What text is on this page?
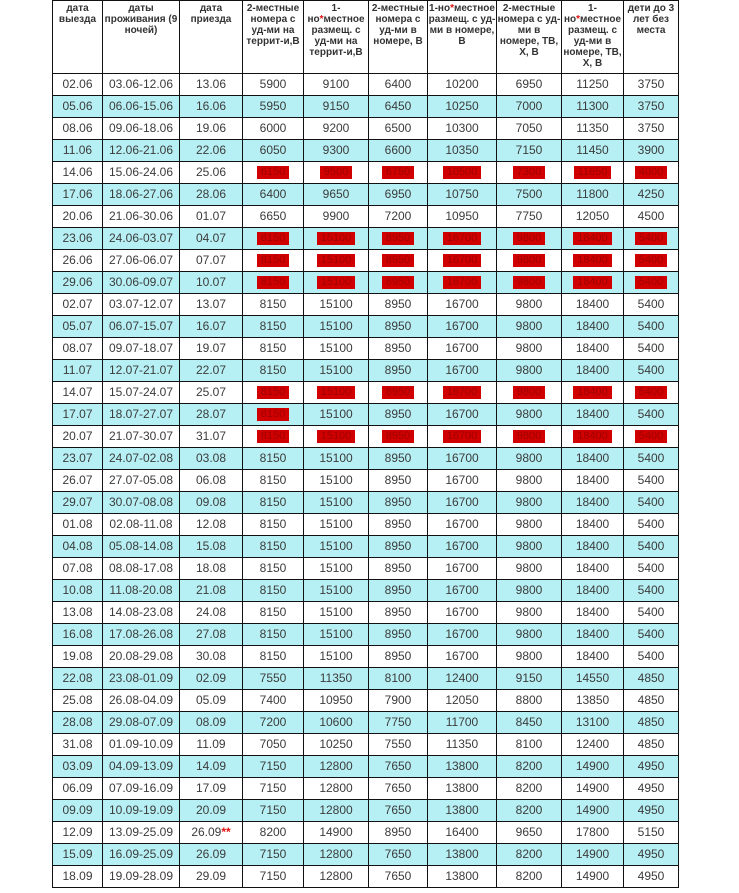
дата выезда	даты проживания (9 ночей)	дата приезда	2-местные номера с уд-ми на террит-и,В	1-но*местное размещ. с уд-ми на террит-и,В	2-местные номера с уд-ми в номере, В	1-но*местное размещ. с уд-ми в номере, В	2-местные номера с уд-ми в номере, ТВ, Х, В	1-но*местное размещ. с уд-ми в номере, ТВ, Х, В	дети до 3 лет без места
02.06	03.06-12.06	13.06	5900	9100	6400	10200	6950	11250	3750
05.06	06.06-15.06	16.06	5950	9150	6450	10250	7000	11300	3750
08.06	09.06-18.06	19.06	6000	9200	6500	10300	7050	11350	3750
11.06	12.06-21.06	22.06	6050	9300	6600	10350	7150	11450	3900
14.06	15.06-24.06	25.06	6150	9500	6750	10500	7300	11650	4000
17.06	18.06-27.06	28.06	6400	9650	6950	10750	7500	11800	4250
20.06	21.06-30.06	01.07	6650	9900	7200	10950	7750	12050	4500
23.06	24.06-03.07	04.07	8150	15100	8950	16700	9800	18400	5400
26.06	27.06-06.07	07.07	8150	15100	8950	16700	9800	18400	5400
29.06	30.06-09.07	10.07	8150	15100	8950	16700	9800	18400	5400
02.07	03.07-12.07	13.07	8150	15100	8950	16700	9800	18400	5400
05.07	06.07-15.07	16.07	8150	15100	8950	16700	9800	18400	5400
08.07	09.07-18.07	19.07	8150	15100	8950	16700	9800	18400	5400
11.07	12.07-21.07	22.07	8150	15100	8950	16700	9800	18400	5400
14.07	15.07-24.07	25.07	8150	15100	8950	16700	9800	18400	5400
17.07	18.07-27.07	28.07	8150	15100	8950	16700	9800	18400	5400
20.07	21.07-30.07	31.07	8150	15100	8950	16700	9800	18400	5400
23.07	24.07-02.08	03.08	8150	15100	8950	16700	9800	18400	5400
26.07	27.07-05.08	06.08	8150	15100	8950	16700	9800	18400	5400
29.07	30.07-08.08	09.08	8150	15100	8950	16700	9800	18400	5400
01.08	02.08-11.08	12.08	8150	15100	8950	16700	9800	18400	5400
04.08	05.08-14.08	15.08	8150	15100	8950	16700	9800	18400	5400
07.08	08.08-17.08	18.08	8150	15100	8950	16700	9800	18400	5400
10.08	11.08-20.08	21.08	8150	15100	8950	16700	9800	18400	5400
13.08	14.08-23.08	24.08	8150	15100	8950	16700	9800	18400	5400
16.08	17.08-26.08	27.08	8150	15100	8950	16700	9800	18400	5400
19.08	20.08-29.08	30.08	8150	15100	8950	16700	9800	18400	5400
22.08	23.08-01.09	02.09	7550	11350	8100	12400	9150	14550	4850
25.08	26.08-04.09	05.09	7400	10950	7900	12050	8800	13850	4850
28.08	29.08-07.09	08.09	7200	10600	7750	11700	8450	13100	4850
31.08	01.09-10.09	11.09	7050	10250	7550	11350	8100	12400	4850
03.09	04.09-13.09	14.09	7150	12800	7650	13800	8200	14900	4950
06.09	07.09-16.09	17.09	7150	12800	7650	13800	8200	14900	4950
09.09	10.09-19.09	20.09	7150	12800	7650	13800	8200	14900	4950
12.09	13.09-25.09	26.09**	8200	14900	8950	16400	9650	17800	5150
15.09	16.09-25.09	26.09	7150	12800	7650	13800	8200	14900	4950
18.09	19.09-28.09	29.09	7150	12800	7650	13800	8200	14900	4950
